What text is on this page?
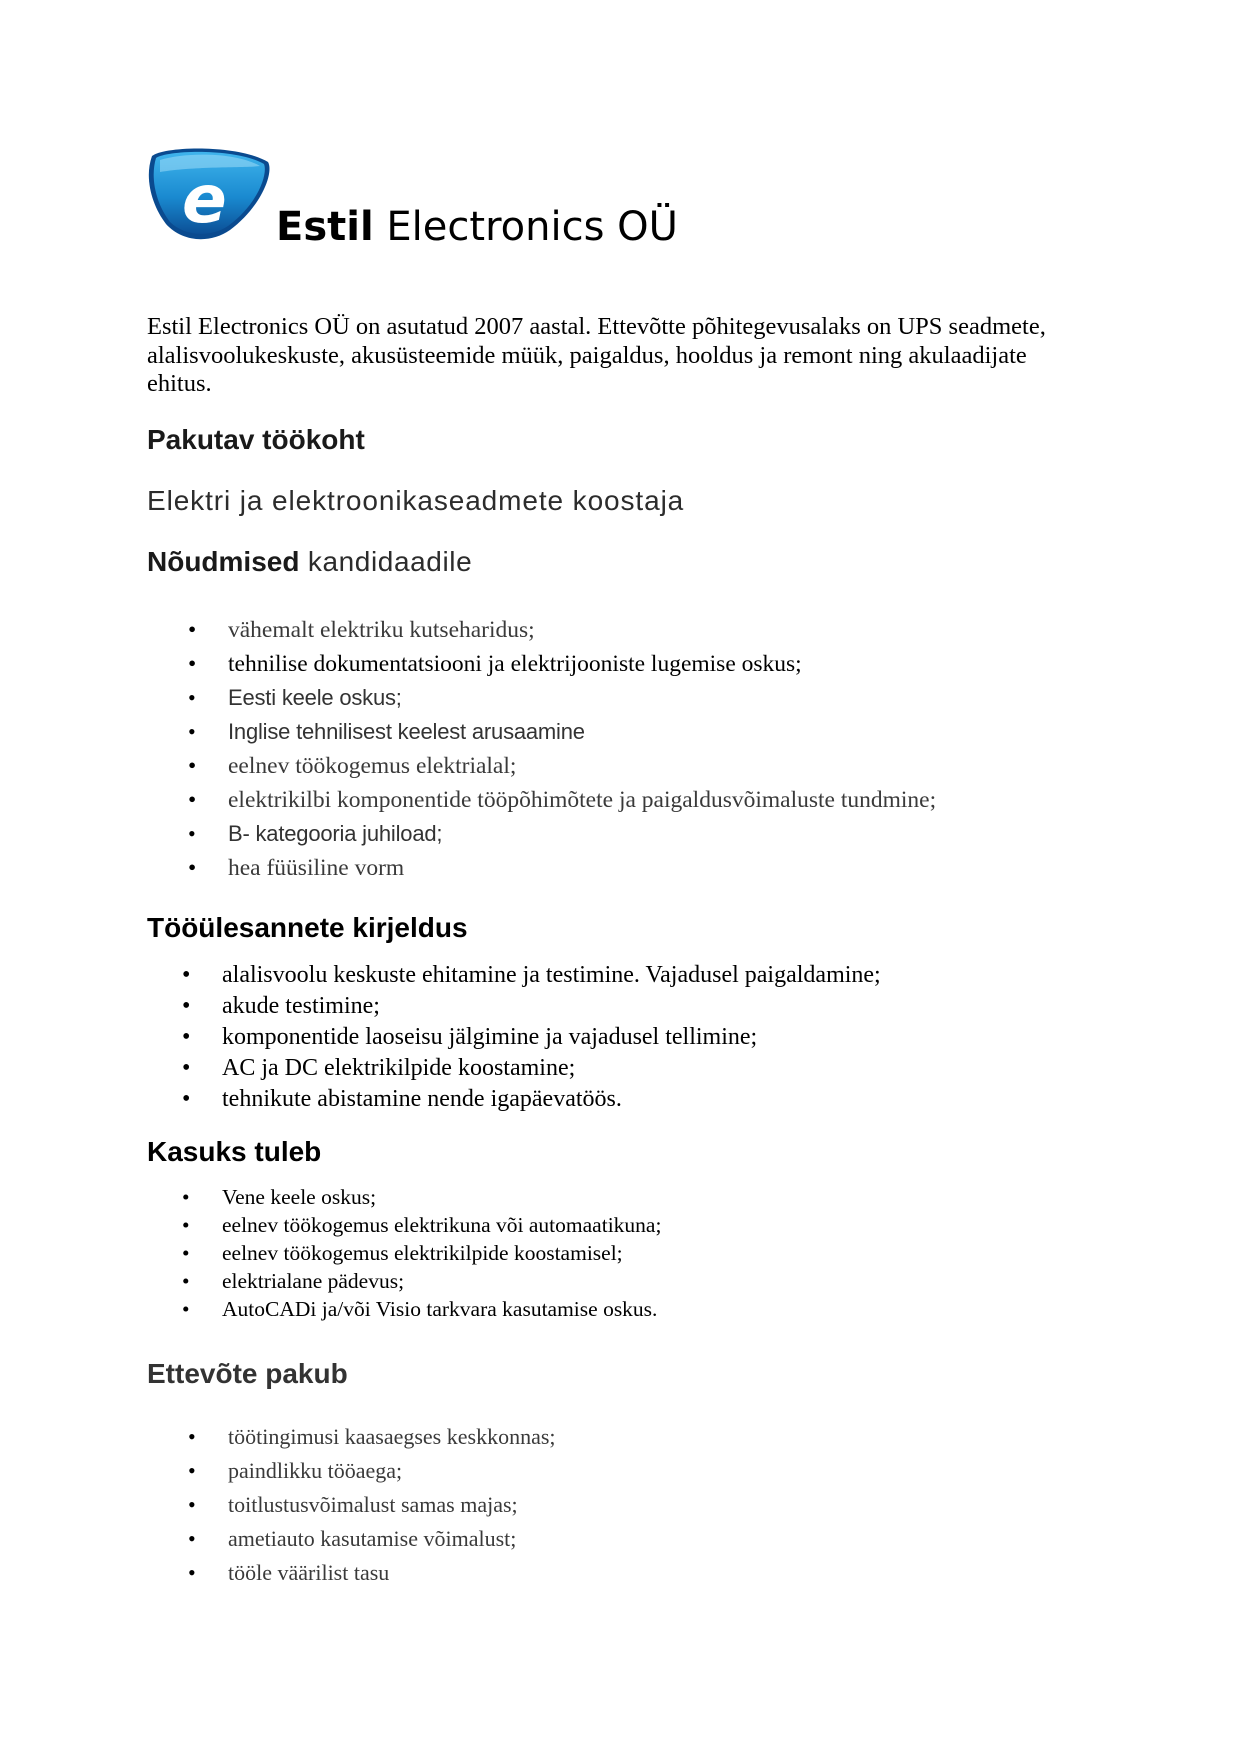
e Estil Electronics OÜ

Estil Electronics OÜ on asutatud 2007 aastal. Ettevõtte põhitegevusalaks on UPS seadmete, alalisvoolukeskuste, akusüsteemide müük, paigaldus, hooldus ja remont ning akulaadijate ehitus.

Pakutav töökoht
Elektri ja elektroonikaseadmete koostaja
Nõudmised kandidaadile
• vähemalt elektriku kutseharidus;
• tehnilise dokumentatsiooni ja elektrijooniste lugemise oskus;
• Eesti keele oskus;
• Inglise tehnilisest keelest arusaamine
• eelnev töökogemus elektrialal;
• elektrikilbi komponentide tööpõhimõtete ja paigaldusvõimaluste tundmine;
• B- kategooria juhiload;
• hea füüsiline vorm
Tööülesannete kirjeldus
• alalisvoolu keskuste ehitamine ja testimine. Vajadusel paigaldamine;
• akude testimine;
• komponentide laoseisu jälgimine ja vajadusel tellimine;
• AC ja DC elektrikilpide koostamine;
• tehnikute abistamine nende igapäevatöös.
Kasuks tuleb
• Vene keele oskus;
• eelnev töökogemus elektrikuna või automaatikuna;
• eelnev töökogemus elektrikilpide koostamisel;
• elektrialane pädevus;
• AutoCADi ja/või Visio tarkvara kasutamise oskus.
Ettevõte pakub
• töötingimusi kaasaegses keskkonnas;
• paindlikku tööaega;
• toitlustusvõimalust samas majas;
• ametiauto kasutamise võimalust;
• tööle väärilist tasu
